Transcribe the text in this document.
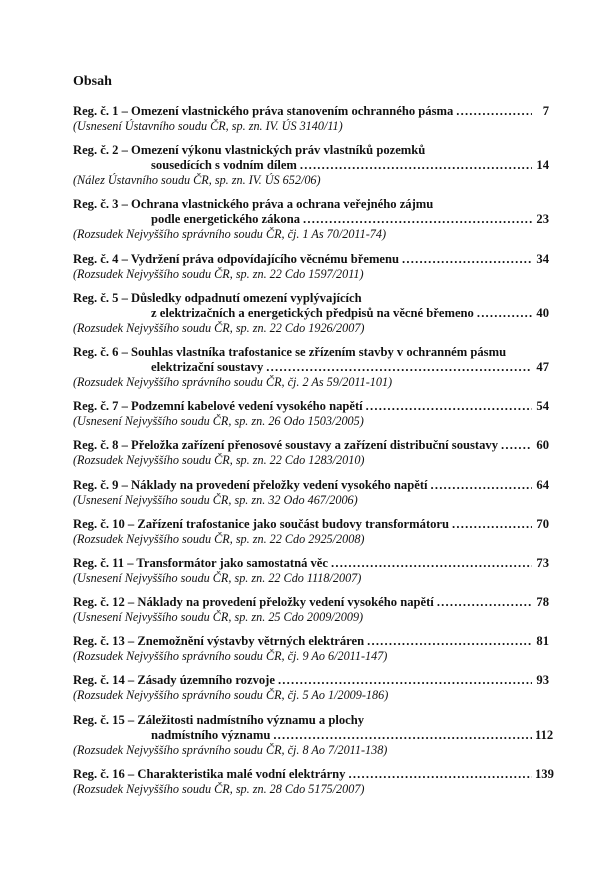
Obsah
Reg. č. 1 – Omezení vlastnického práva stanovením ochranného pásma .....	7
(Usnesení Ústavního soudu ČR, sp. zn. IV. ÚS 3140/11)
Reg. č. 2 – Omezení výkonu vlastnických práv vlastníků pozemků
sousedících s vodním dílem .....	14
(Nález Ústavního soudu ČR, sp. zn. IV. ÚS 652/06)
Reg. č. 3 – Ochrana vlastnického práva a ochrana veřejného zájmu
podle energetického zákona .....	23
(Rozsudek Nejvyššího správního soudu ČR, čj. 1 As 70/2011-74)
Reg. č. 4 – Vydržení práva odpovídajícího věcnému břemenu .....	34
(Rozsudek Nejvyššího soudu ČR, sp. zn. 22 Cdo 1597/2011)
Reg. č. 5 – Důsledky odpadnutí omezení vyplývajících
z elektrizačních a energetických předpisů na věcné břemeno .....	40
(Rozsudek Nejvyššího soudu ČR, sp. zn. 22 Cdo 1926/2007)
Reg. č. 6 – Souhlas vlastníka trafostanice se zřízením stavby v ochranném pásmu
elektrizační soustavy .....	47
(Rozsudek Nejvyššího správního soudu ČR, čj. 2 As 59/2011-101)
Reg. č. 7 – Podzemní kabelové vedení vysokého napětí .....	54
(Usnesení Nejvyššího soudu ČR, sp. zn. 26 Odo 1503/2005)
Reg. č. 8 – Přeložka zařízení přenosové soustavy a zařízení distribuční soustavy .....	60
(Rozsudek Nejvyššího soudu ČR, sp. zn. 22 Cdo 1283/2010)
Reg. č. 9 – Náklady na provedení přeložky vedení vysokého napětí .....	64
(Usnesení Nejvyššího soudu ČR, sp. zn. 32 Odo 467/2006)
Reg. č. 10 – Zařízení trafostanice jako součást budovy transformátoru .....	70
(Rozsudek Nejvyššího soudu ČR, sp. zn. 22 Cdo 2925/2008)
Reg. č. 11 – Transformátor jako samostatná věc .....	73
(Usnesení Nejvyššího soudu ČR, sp. zn. 22 Cdo 1118/2007)
Reg. č. 12 – Náklady na provedení přeložky vedení vysokého napětí .....	78
(Usnesení Nejvyššího soudu ČR, sp. zn. 25 Cdo 2009/2009)
Reg. č. 13 – Znemožnění výstavby větrných elektráren .....	81
(Rozsudek Nejvyššího správního soudu ČR, čj. 9 Ao 6/2011-147)
Reg. č. 14 – Zásady územního rozvoje .....	93
(Rozsudek Nejvyššího správního soudu ČR, čj. 5 Ao 1/2009-186)
Reg. č. 15 – Záležitosti nadmístního významu a plochy
nadmístního významu .....	112
(Rozsudek Nejvyššího správního soudu ČR, čj. 8 Ao 7/2011-138)
Reg. č. 16 – Charakteristika malé vodní elektrárny .....	139
(Rozsudek Nejvyššího soudu ČR, sp. zn. 28 Cdo 5175/2007)
